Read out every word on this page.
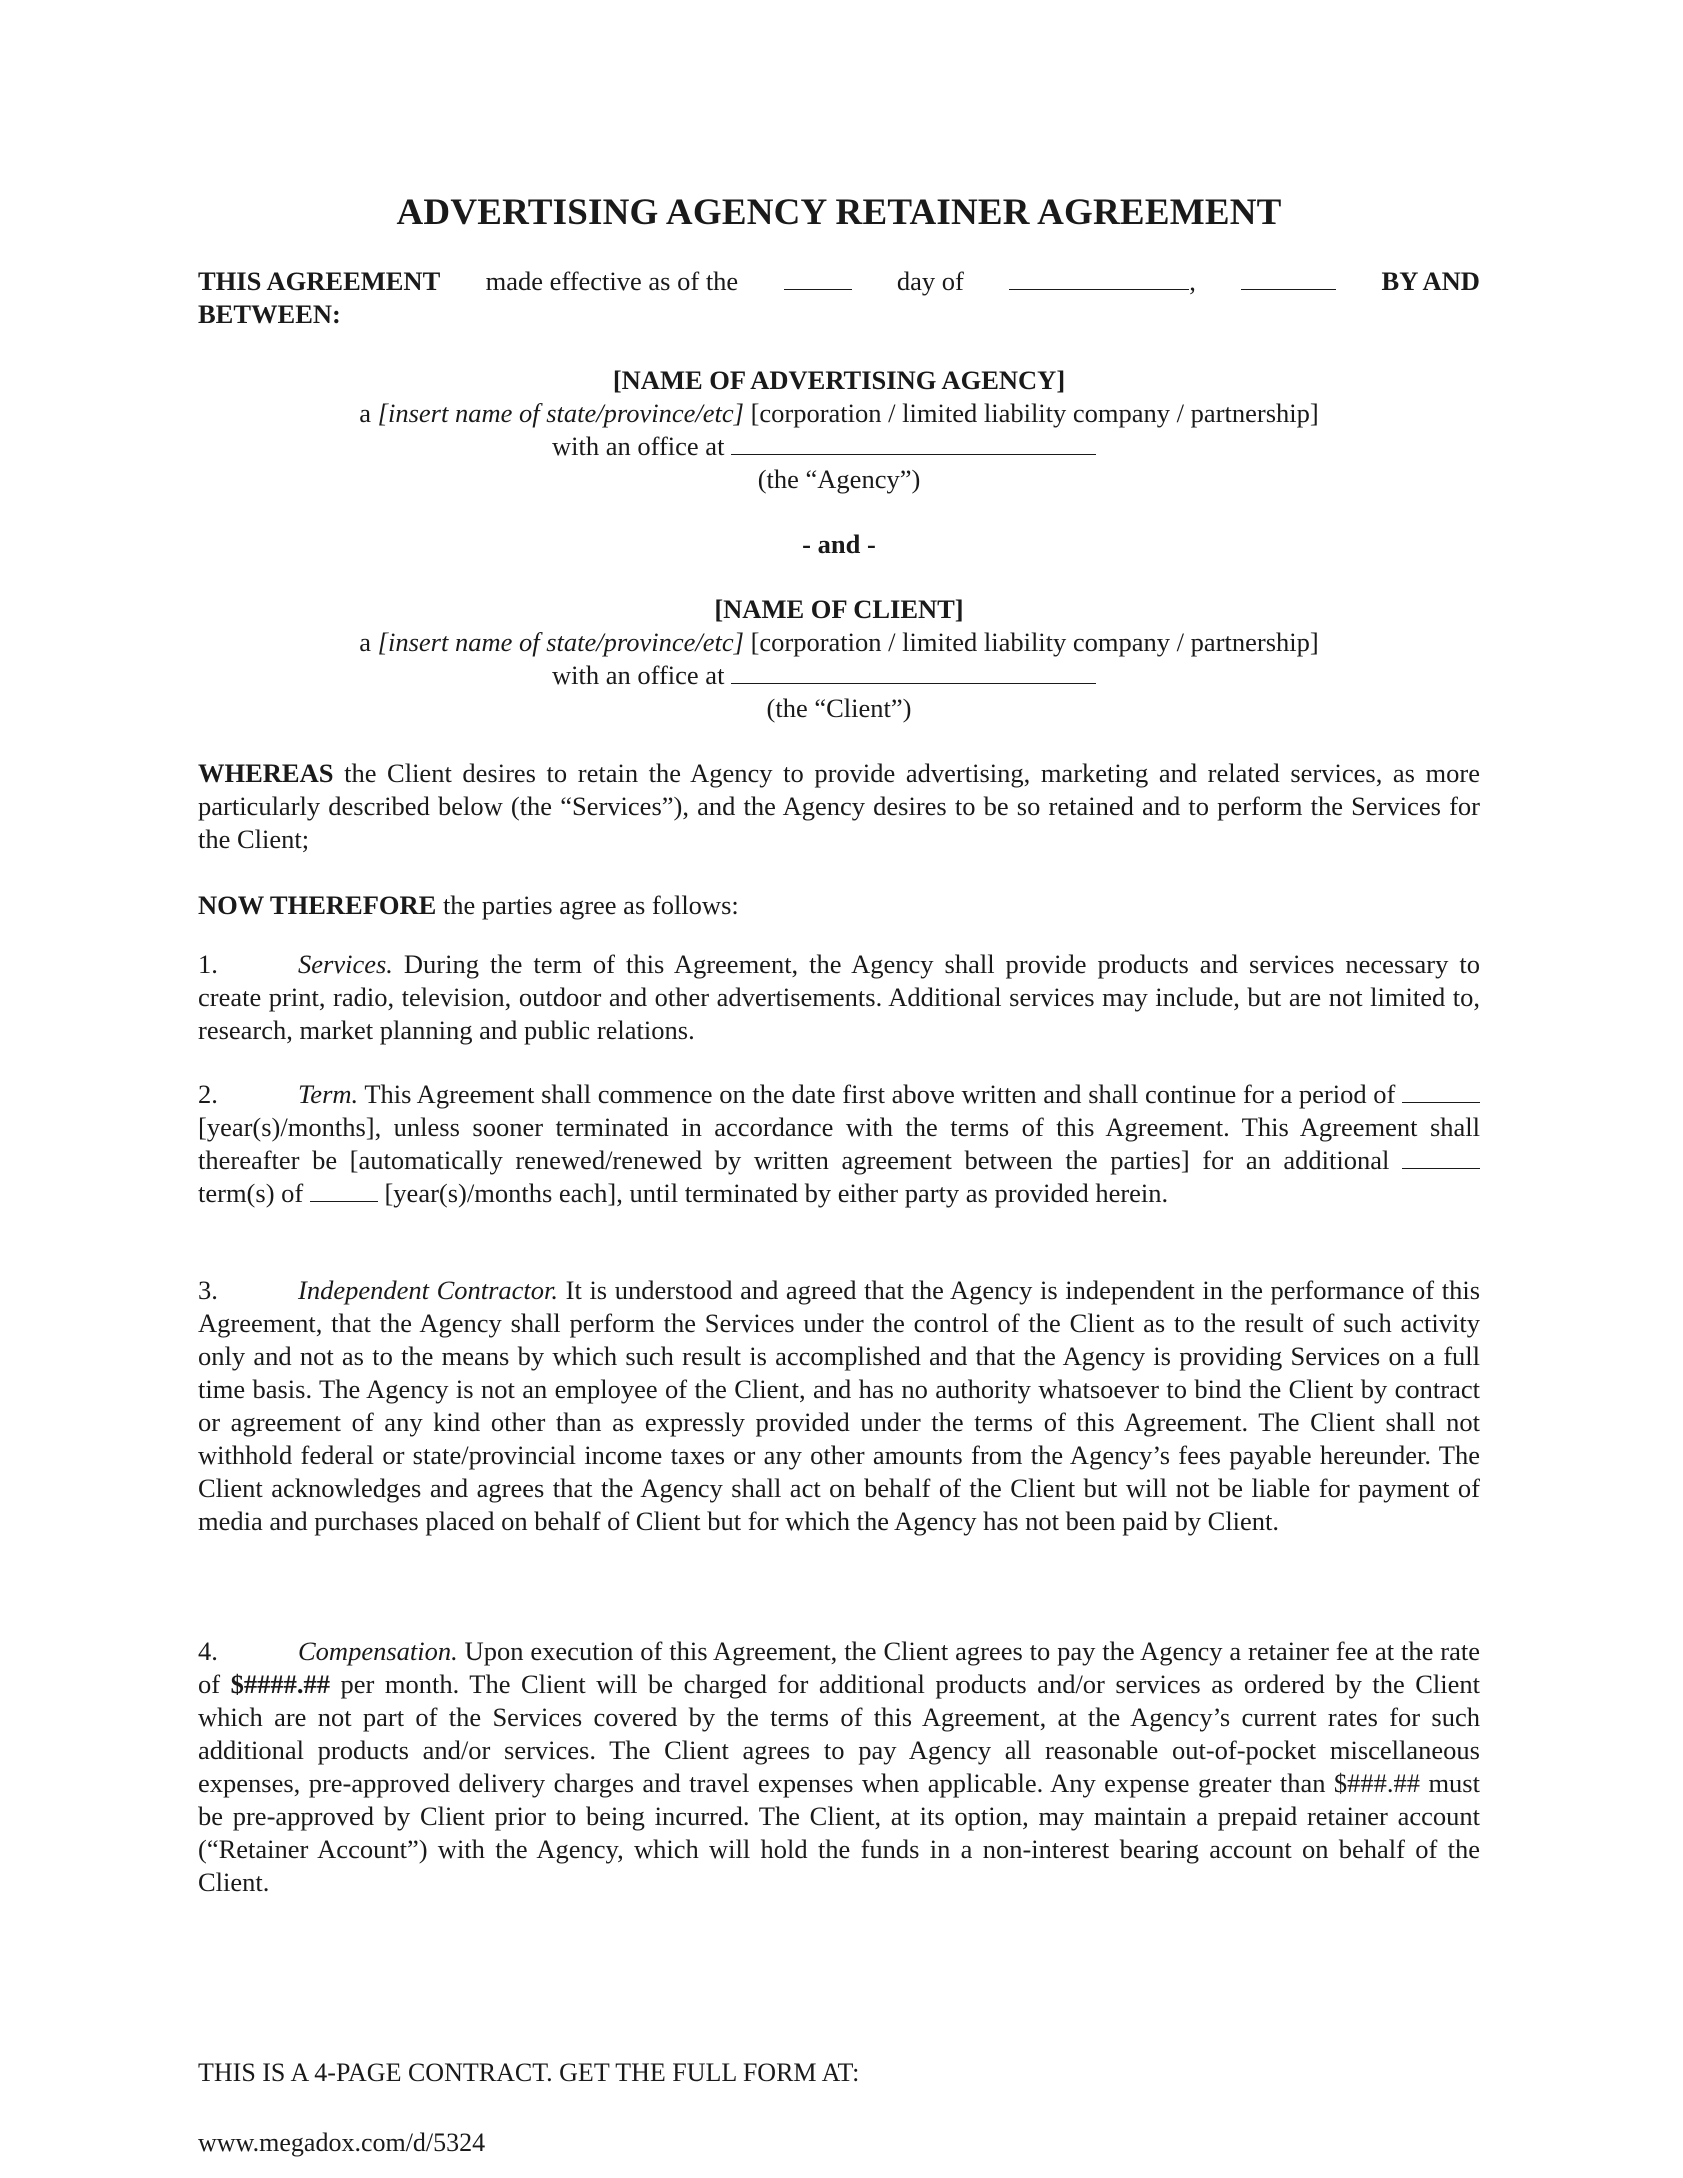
ADVERTISING AGENCY RETAINER AGREEMENT
THIS AGREEMENT made effective as of the	day of	,	BY AND
BETWEEN:
[NAME OF ADVERTISING AGENCY]
a [insert name of state/province/etc] [corporation / limited liability company / partnership]
with an office at
(the “Agency”)
- and -
[NAME OF CLIENT]
a [insert name of state/province/etc] [corporation / limited liability company / partnership]
with an office at
(the “Client”)
WHEREAS the Client desires to retain the Agency to provide advertising, marketing and related services, as more particularly described below (the “Services”), and the Agency desires to be so retained and to perform the Services for the Client;
NOW THEREFORE the parties agree as follows:
1.	Services. During the term of this Agreement, the Agency shall provide products and services necessary to create print, radio, television, outdoor and other advertisements. Additional services may include, but are not limited to, research, market planning and public relations.
2.	Term. This Agreement shall commence on the date first above written and shall continue for a period of  [year(s)/months], unless sooner terminated in accordance with the terms of this Agreement. This Agreement shall thereafter be [automatically renewed/renewed by written agreement between the parties] for an additional  term(s) of	[year(s)/months each], until terminated by either party as provided herein.
3.	Independent Contractor. It is understood and agreed that the Agency is independent in the performance of this Agreement, that the Agency shall perform the Services under the control of the Client as to the result of such activity only and not as to the means by which such result is accomplished and that the Agency is providing Services on a full time basis. The Agency is not an employee of the Client, and has no authority whatsoever to bind the Client by contract or agreement of any kind other than as expressly provided under the terms of this Agreement. The Client shall not withhold federal or state/provincial income taxes or any other amounts from the Agency’s fees payable hereunder. The Client acknowledges and agrees that the Agency shall act on behalf of the Client but will not be liable for payment of media and purchases placed on behalf of Client but for which the Agency has not been paid by Client.
4.	Compensation. Upon execution of this Agreement, the Client agrees to pay the Agency a retainer fee at the rate of $####.## per month. The Client will be charged for additional products and/or services as ordered by the Client which are not part of the Services covered by the terms of this Agreement, at the Agency’s current rates for such additional products and/or services. The Client agrees to pay Agency all reasonable out-of-pocket miscellaneous expenses, pre-approved delivery charges and travel expenses when applicable. Any expense greater than $###.## must be pre-approved by Client prior to being incurred. The Client, at its option, may maintain a prepaid retainer account (“Retainer Account”) with the Agency, which will hold the funds in a non-interest bearing account on behalf of the Client.
THIS IS A 4-PAGE CONTRACT. GET THE FULL FORM AT:
www.megadox.com/d/5324
